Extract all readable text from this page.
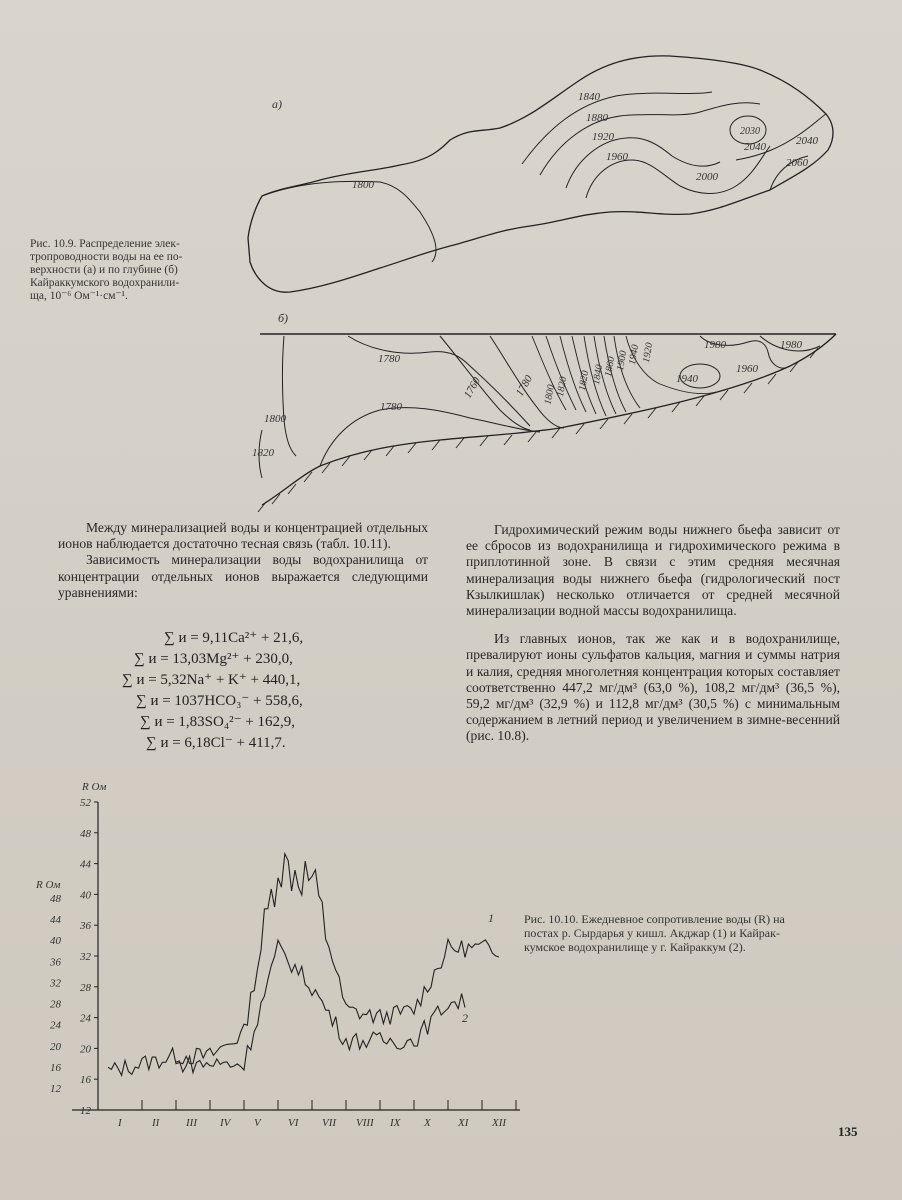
а)
1800
1840
1880
1920
1960
2000
2030
2040	2040
2060
б)
1780
1760	1780
1780
1800
1820 1820 1840
1860
1900
1940 1920	1980	1980
1940
1960
1800
1820
Рис. 10.9. Распределение элек-
тропроводности воды на ее по-
верхности (а) и по глубине (б)
Кайраккумского водохранили-
ща, 10⁻⁶ Ом⁻¹·см⁻¹.

Между минерализацией воды и концентрацией отдельных ионов наблюдается достаточно тесная связь (табл. 10.11).

Зависимость минерализации воды водохранилища от концентрации отдельных ионов выражается следующими уравнениями:

∑ и = 9,11Ca²⁺ + 21,6,
∑ и = 13,03Mg²⁺ + 230,0,
∑ и = 5,32Na⁺ + K⁺ + 440,1,
∑ и = 1037HCO₃⁻ + 558,6,
∑ и = 1,83SO₄²⁻ + 162,9,
∑ и = 6,18Cl⁻ + 411,7.

Гидрохимический режим воды нижнего бьефа зависит от ее сбросов из водохранилища и гидрохимического режима в приплотинной зоне. В связи с этим средняя месячная минерализация воды нижнего бьефа (гидрологический пост Кзылкишлак) несколько отличается от средней месячной минерализации водной массы водохранилища.

Из главных ионов, так же как и в водохранилище, превалируют ионы сульфатов кальция, магния и суммы натрия и калия, средняя многолетняя концентрация которых составляет соответственно 447,2 мг/дм³ (63,0 %), 108,2 мг/дм³ (36,5 %), 59,2 мг/дм³ (32,9 %) и 112,8 мг/дм³ (30,5 %) с минимальным содержанием в летний период и увеличением в зимне-весенний (рис. 10.8).

R Ом
R Ом
52
48
44
40
36
32
28
24
20
16
12
48
44
40
36
32
28
24
20
16
12
I	II III IV V VI VII VIII IX X XI XII
1
2
Рис. 10.10. Ежедневное сопротивление воды (R) на
постах р. Сырдарья у кишл. Акджар (1) и Кайрак-
кумское водохранилище у г. Кайраккум (2).
135
